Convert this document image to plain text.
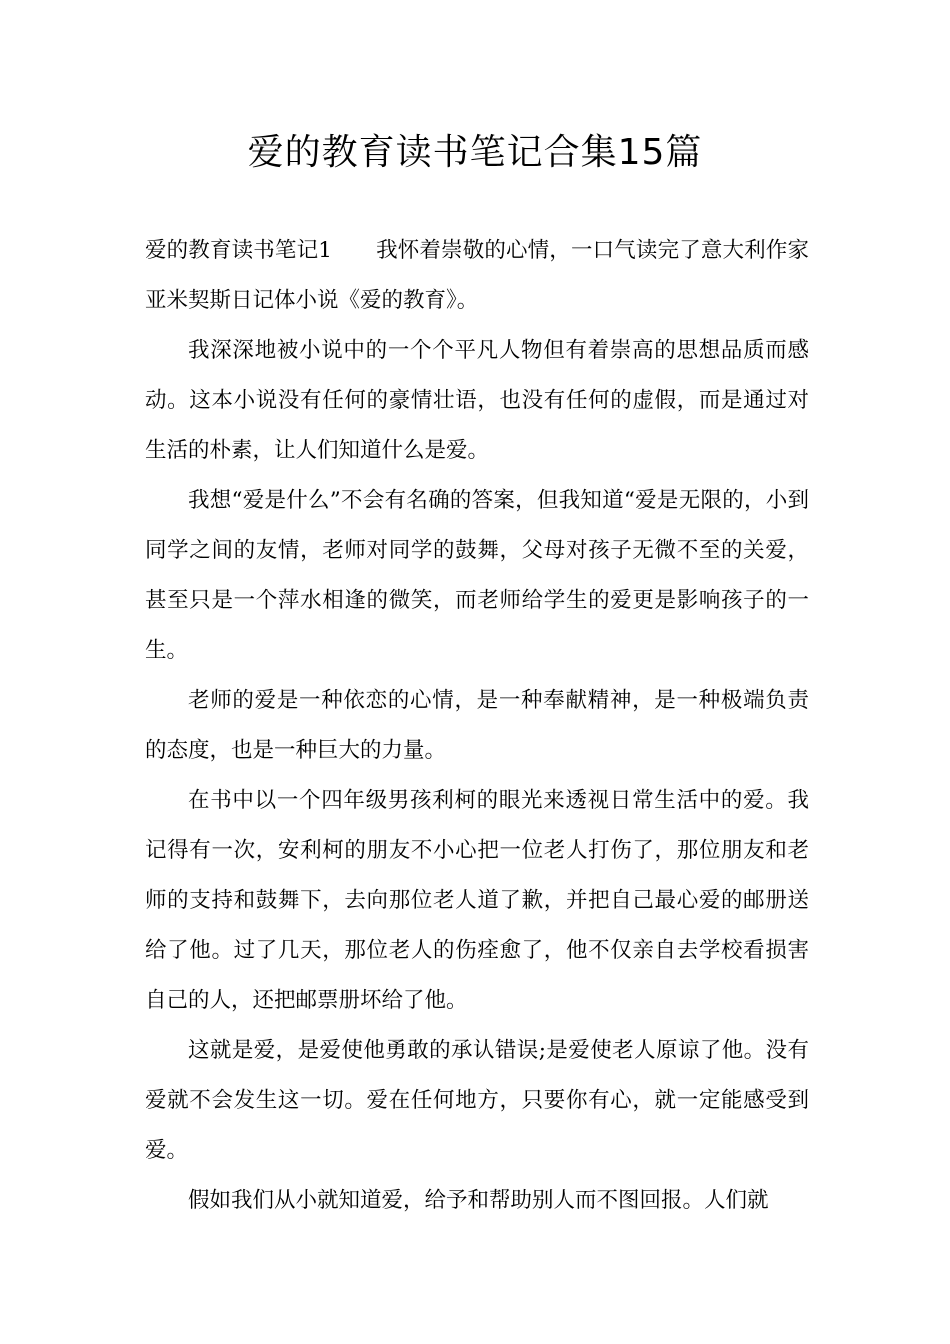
爱的教育读书笔记合集15篇

爱的教育读书笔记1 我怀着崇敬的心情，一口气读完了意大利作家亚米契斯日记体小说《爱的教育》。

我深深地被小说中的一个个平凡人物但有着崇高的思想品质而感动。这本小说没有任何的豪情壮语，也没有任何的虚假，而是通过对生活的朴素，让人们知道什么是爱。

我想“爱是什么”不会有名确的答案，但我知道“爱是无限的，小到同学之间的友情，老师对同学的鼓舞，父母对孩子无微不至的关爱，甚至只是一个萍水相逢的微笑，而老师给学生的爱更是影响孩子的一生。

老师的爱是一种依恋的心情，是一种奉献精神，是一种极端负责的态度，也是一种巨大的力量。

在书中以一个四年级男孩利柯的眼光来透视日常生活中的爱。我记得有一次，安利柯的朋友不小心把一位老人打伤了，那位朋友和老师的支持和鼓舞下，去向那位老人道了歉，并把自己最心爱的邮册送给了他。过了几天，那位老人的伤痊愈了，他不仅亲自去学校看损害自己的人，还把邮票册坏给了他。

这就是爱，是爱使他勇敢的承认错误;是爱使老人原谅了他。没有爱就不会发生这一切。爱在任何地方，只要你有心，就一定能感受到爱。

假如我们从小就知道爱，给予和帮助别人而不图回报。人们就
